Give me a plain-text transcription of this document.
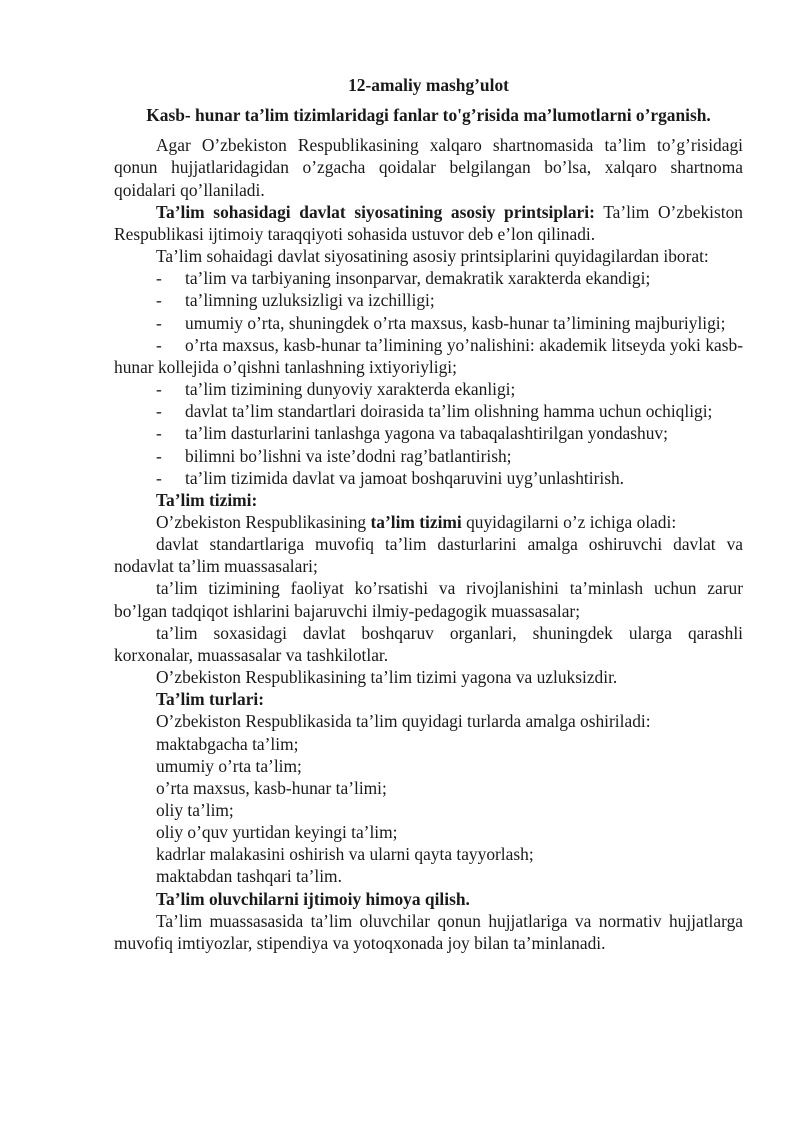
12-amaliy mashg’ulot

Kasb- hunar ta’lim tizimlaridagi fanlar to'g’risida ma’lumotlarni o’rganish.

Agar O’zbekiston Respublikasining xalqaro shartnomasida ta’lim to’g’risidagi qonun hujjatlaridagidan o’zgacha qoidalar belgilangan bo’lsa, xalqaro shartnoma qoidalari qo’llaniladi.

Ta’lim sohasidagi davlat siyosatining asosiy printsiplari: Ta’lim O’zbekiston Respublikasi ijtimoiy taraqqiyoti sohasida ustuvor deb e’lon qilinadi.

Ta’lim sohaidagi davlat siyosatining asosiy printsiplarini quyidagilardan iborat:

- ta’lim va tarbiyaning insonparvar, demakratik xarakterda ekandigi;

- ta’limning uzluksizligi va izchilligi;

- umumiy o’rta, shuningdek o’rta maxsus, kasb-hunar ta’limining majburiyligi;

- o’rta maxsus, kasb-hunar ta’limining yo’nalishini: akademik litseyda yoki kasb-hunar kollejida o’qishni tanlashning ixtiyoriyligi;

- ta’lim tizimining dunyoviy xarakterda ekanligi;

- davlat ta’lim standartlari doirasida ta’lim olishning hamma uchun ochiqligi;

- ta’lim dasturlarini tanlashga yagona va tabaqalashtirilgan yondashuv;

- bilimni bo’lishni va iste’dodni rag’batlantirish;

- ta’lim tizimida davlat va jamoat boshqaruvini uyg’unlashtirish.

Ta’lim tizimi:

O’zbekiston Respublikasining ta’lim tizimi quyidagilarni o’z ichiga oladi:

davlat standartlariga muvofiq ta’lim dasturlarini amalga oshiruvchi davlat va nodavlat ta’lim muassasalari;

ta’lim tizimining faoliyat ko’rsatishi va rivojlanishini ta’minlash uchun zarur bo’lgan tadqiqot ishlarini bajaruvchi ilmiy-pedagogik muassasalar;

ta’lim soxasidagi davlat boshqaruv organlari, shuningdek ularga qarashli korxonalar, muassasalar va tashkilotlar.

O’zbekiston Respublikasining ta’lim tizimi yagona va uzluksizdir.

Ta’lim turlari:

O’zbekiston Respublikasida ta’lim quyidagi turlarda amalga oshiriladi:

maktabgacha ta’lim;

umumiy o’rta ta’lim;

o’rta maxsus, kasb-hunar ta’limi;

oliy ta’lim;

oliy o’quv yurtidan keyingi ta’lim;

kadrlar malakasini oshirish va ularni qayta tayyorlash;

maktabdan tashqari ta’lim.

Ta’lim oluvchilarni ijtimoiy himoya qilish.

Ta’lim muassasasida ta’lim oluvchilar qonun hujjatlariga va normativ hujjatlarga muvofiq imtiyozlar, stipendiya va yotoqxonada joy bilan ta’minlanadi.
